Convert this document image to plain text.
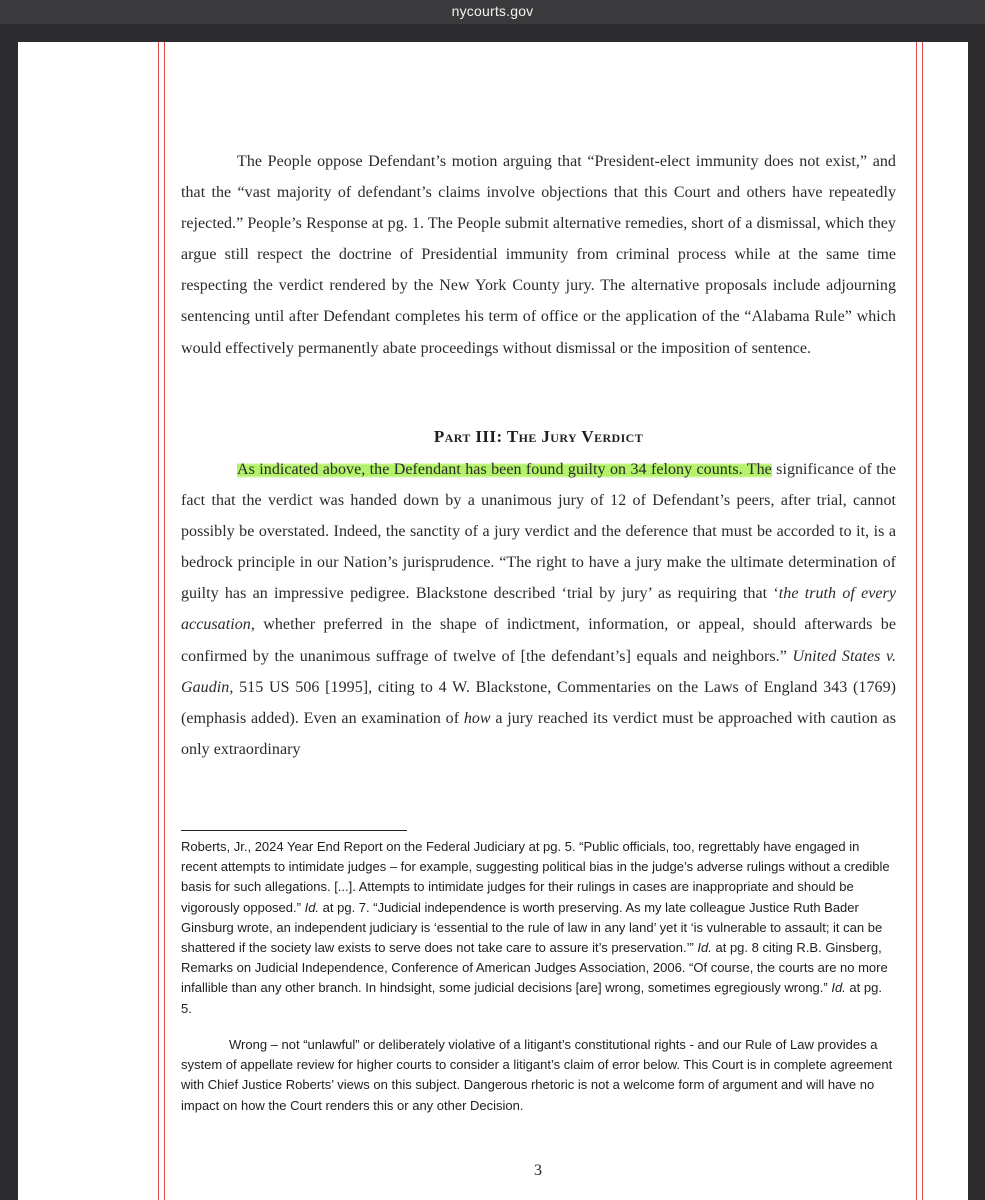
nycourts.gov

The People oppose Defendant’s motion arguing that “President-elect immunity does not exist,” and that the “vast majority of defendant’s claims involve objections that this Court and others have repeatedly rejected.” People’s Response at pg. 1. The People submit alternative remedies, short of a dismissal, which they argue still respect the doctrine of Presidential immunity from criminal process while at the same time respecting the verdict rendered by the New York County jury. The alternative proposals include adjourning sentencing until after Defendant completes his term of office or the application of the “Alabama Rule” which would effectively permanently abate proceedings without dismissal or the imposition of sentence.

Part III: The Jury Verdict

As indicated above, the Defendant has been found guilty on 34 felony counts. The significance of the fact that the verdict was handed down by a unanimous jury of 12 of Defendant’s peers, after trial, cannot possibly be overstated. Indeed, the sanctity of a jury verdict and the deference that must be accorded to it, is a bedrock principle in our Nation’s jurisprudence. “The right to have a jury make the ultimate determination of guilty has an impressive pedigree. Blackstone described ‘trial by jury’ as requiring that ‘the truth of every accusation, whether preferred in the shape of indictment, information, or appeal, should afterwards be confirmed by the unanimous suffrage of twelve of [the defendant’s] equals and neighbors.” United States v. Gaudin, 515 US 506 [1995], citing to 4 W. Blackstone, Commentaries on the Laws of England 343 (1769) (emphasis added). Even an examination of how a jury reached its verdict must be approached with caution as only extraordinary

Roberts, Jr., 2024 Year End Report on the Federal Judiciary at pg. 5. “Public officials, too, regrettably have engaged in recent attempts to intimidate judges – for example, suggesting political bias in the judge’s adverse rulings without a credible basis for such allegations. [...]. Attempts to intimidate judges for their rulings in cases are inappropriate and should be vigorously opposed.” Id. at pg. 7. “Judicial independence is worth preserving. As my late colleague Justice Ruth Bader Ginsburg wrote, an independent judiciary is ‘essential to the rule of law in any land’ yet it ‘is vulnerable to assault; it can be shattered if the society law exists to serve does not take care to assure it’s preservation.’” Id. at pg. 8 citing R.B. Ginsberg, Remarks on Judicial Independence, Conference of American Judges Association, 2006. “Of course, the courts are no more infallible than any other branch. In hindsight, some judicial decisions [are] wrong, sometimes egregiously wrong.” Id. at pg. 5.

Wrong – not “unlawful” or deliberately violative of a litigant’s constitutional rights - and our Rule of Law provides a system of appellate review for higher courts to consider a litigant’s claim of error below. This Court is in complete agreement with Chief Justice Roberts’ views on this subject. Dangerous rhetoric is not a welcome form of argument and will have no impact on how the Court renders this or any other Decision.

3
